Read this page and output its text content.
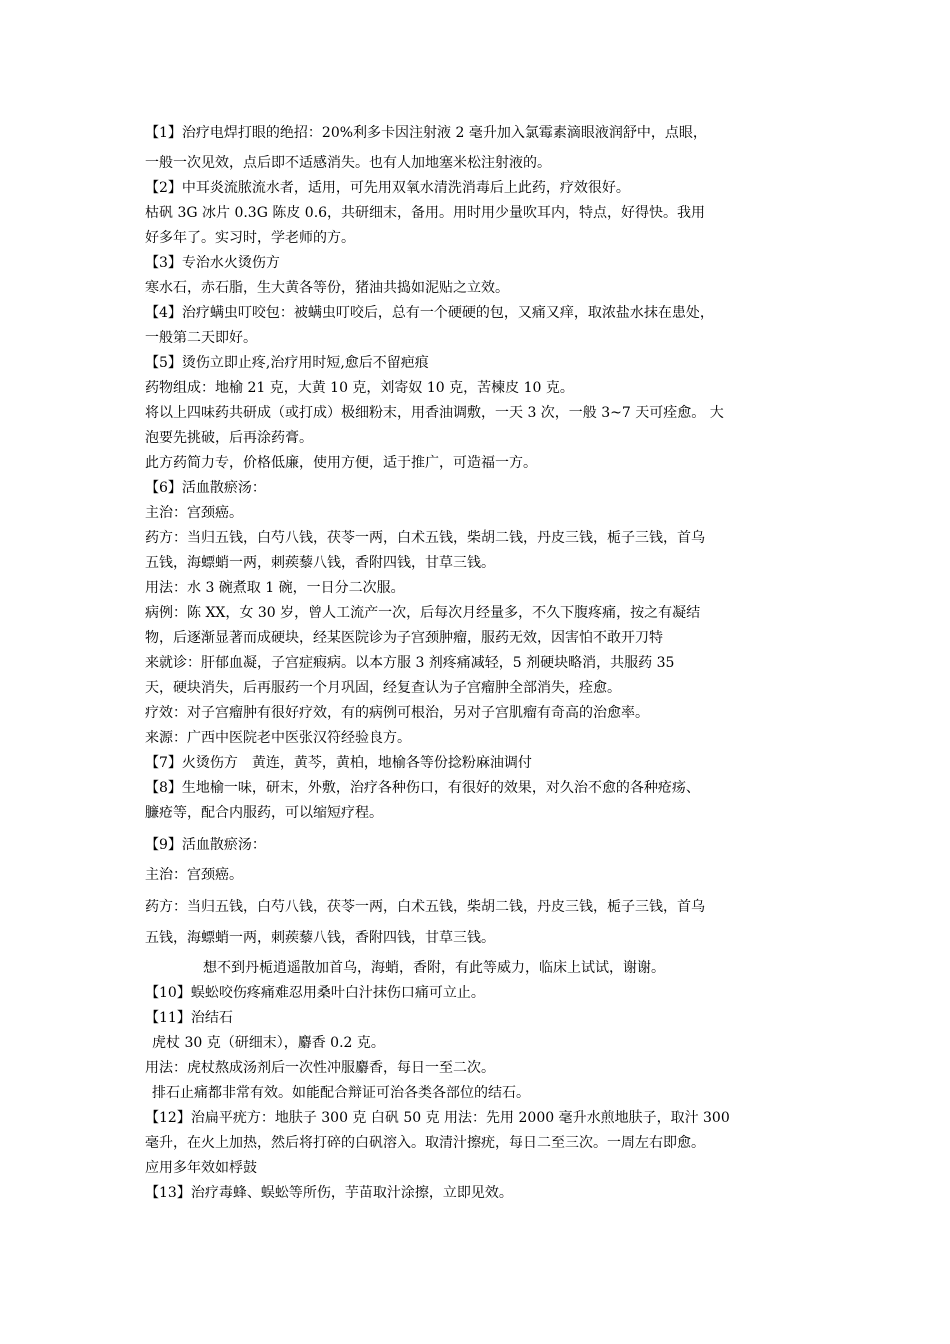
【1】治疗电焊打眼的绝招：20%利多卡因注射液 2 毫升加入氯霉素滴眼液润舒中，点眼，

一般一次见效，点后即不适感消失。也有人加地塞米松注射液的。

【2】中耳炎流脓流水者，适用，可先用双氧水清洗消毒后上此药，疗效很好。

枯矾 3G 冰片 0.3G 陈皮 0.6，共研细末，备用。用时用少量吹耳内，特点，好得快。我用

好多年了。实习时，学老师的方。

【3】专治水火烫伤方

寒水石，赤石脂，生大黄各等份，猪油共捣如泥贴之立效。

【4】治疗螨虫叮咬包：被螨虫叮咬后，总有一个硬硬的包，又痛又痒，取浓盐水抹在患处，

一般第二天即好。

【5】烫伤立即止疼,治疗用时短,愈后不留疤痕

药物组成：地榆 21 克，大黄 10 克，刘寄奴 10 克，苦楝皮 10 克。

将以上四味药共研成（或打成）极细粉末，用香油调敷，一天 3 次，一般 3~7 天可痊愈。 大

泡要先挑破，后再涂药膏。

此方药简力专，价格低廉，使用方便，适于推广，可造福一方。

【6】活血散瘀汤：

主治：宫颈癌。

药方：当归五钱，白芍八钱，茯苓一两，白术五钱，柴胡二钱，丹皮三钱，栀子三钱，首乌

五钱，海螵蛸一两，刺蒺藜八钱，香附四钱，甘草三钱。

用法：水 3 碗煮取 1 碗，一日分二次服。

病例：陈 XX，女 30 岁，曾人工流产一次，后每次月经量多，不久下腹疼痛，按之有凝结

物，后逐渐显著而成硬块，经某医院诊为子宫颈肿瘤，服药无效，因害怕不敢开刀特

来就诊：肝郁血凝，子宫症瘕病。以本方服 3 剂疼痛减轻，5 剂硬块略消，共服药 35

天，硬块消失，后再服药一个月巩固，经复查认为子宫瘤肿全部消失，痊愈。

疗效：对子宫瘤肿有很好疗效，有的病例可根治，另对子宫肌瘤有奇高的治愈率。

来源：广西中医院老中医张汉符经验良方。

【7】火烫伤方　黄连，黄芩，黄柏，地榆各等份捻粉麻油调付

【8】生地榆一味，研末，外敷，治疗各种伤口，有很好的效果，对久治不愈的各种疮疡、

臁疮等，配合内服药，可以缩短疗程。

【9】活血散瘀汤：

主治：宫颈癌。

药方：当归五钱，白芍八钱，茯苓一两，白术五钱，柴胡二钱，丹皮三钱，栀子三钱，首乌

五钱，海螵蛸一两，刺蒺藜八钱，香附四钱，甘草三钱。

想不到丹栀逍遥散加首乌，海蛸，香附，有此等威力，临床上试试，谢谢。

【10】蜈蚣咬伤疼痛难忍用桑叶白汁抹伤口痛可立止。

【11】治结石

虎杖 30 克（研细末），麝香 0.2 克。

用法：虎杖熬成汤剂后一次性冲服麝香，每日一至二次。

排石止痛都非常有效。如能配合辩证可治各类各部位的结石。

【12】治扁平疣方：地肤子 300 克 白矾 50 克 用法：先用 2000 毫升水煎地肤子，取汁 300

毫升，在火上加热，然后将打碎的白矾溶入。取清汁擦疣，每日二至三次。一周左右即愈。

应用多年效如桴鼓

【13】治疗毒蜂、蜈蚣等所伤，芋苗取汁涂擦，立即见效。
